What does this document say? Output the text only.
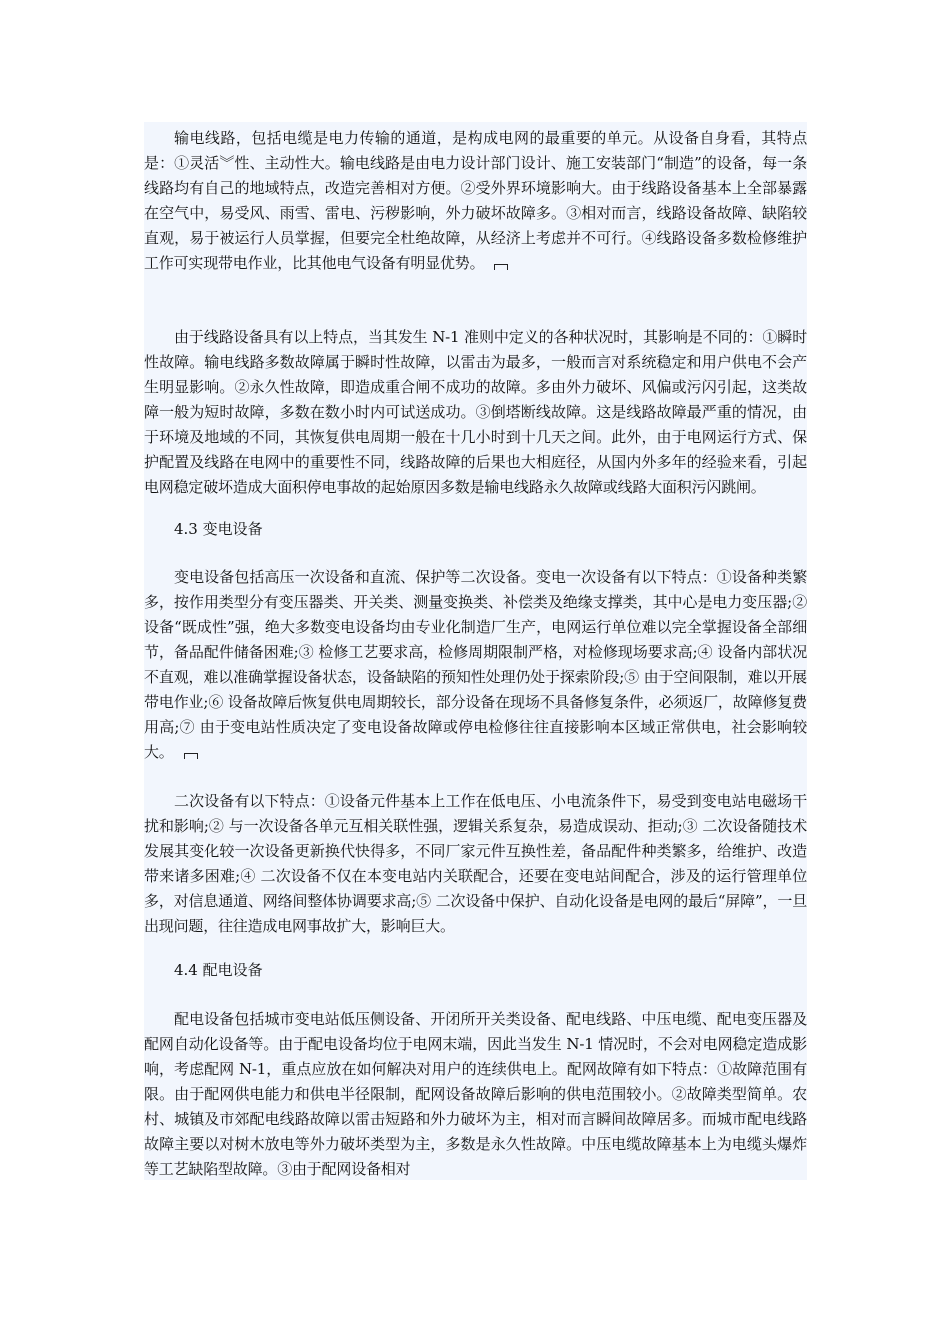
输电线路，包括电缆是电力传输的通道，是构成电网的最重要的单元。从设备自身看，其特点是：①灵活︾性、主动性大。输电线路是由电力设计部门设计、施工安装部门“制造”的设备，每一条线路均有自己的地域特点，改造完善相对方便。②受外界环境影响大。由于线路设备基本上全部暴露在空气中，易受风、雨雪、雷电、污秽影响，外力破坏故障多。③相对而言，线路设备故障、缺陷较直观，易于被运行人员掌握，但要完全杜绝故障，从经济上考虑并不可行。④线路设备多数检修维护工作可实现带电作业，比其他电气设备有明显优势。

由于线路设备具有以上特点，当其发生 N-1 准则中定义的各种状况时，其影响是不同的：①瞬时性故障。输电线路多数故障属于瞬时性故障，以雷击为最多，一般而言对系统稳定和用户供电不会产生明显影响。②永久性故障，即造成重合闸不成功的故障。多由外力破坏、风偏或污闪引起，这类故障一般为短时故障，多数在数小时内可试送成功。③倒塔断线故障。这是线路故障最严重的情况，由于环境及地域的不同，其恢复供电周期一般在十几小时到十几天之间。此外，由于电网运行方式、保护配置及线路在电网中的重要性不同，线路故障的后果也大相庭径，从国内外多年的经验来看，引起电网稳定破坏造成大面积停电事故的起始原因多数是输电线路永久故障或线路大面积污闪跳闸。

4.3 变电设备

变电设备包括高压一次设备和直流、保护等二次设备。变电一次设备有以下特点：①设备种类繁多，按作用类型分有变压器类、开关类、测量变换类、补偿类及绝缘支撑类，其中心是电力变压器;② 设备“既成性”强，绝大多数变电设备均由专业化制造厂生产，电网运行单位难以完全掌握设备全部细节，备品配件储备困难;③ 检修工艺要求高，检修周期限制严格，对检修现场要求高;④ 设备内部状况不直观，难以准确掌握设备状态，设备缺陷的预知性处理仍处于探索阶段;⑤ 由于空间限制，难以开展带电作业;⑥ 设备故障后恢复供电周期较长，部分设备在现场不具备修复条件，必须返厂，故障修复费用高;⑦ 由于变电站性质决定了变电设备故障或停电检修往往直接影响本区域正常供电，社会影响较大。

二次设备有以下特点：①设备元件基本上工作在低电压、小电流条件下，易受到变电站电磁场干扰和影响;② 与一次设备各单元互相关联性强，逻辑关系复杂，易造成误动、拒动;③ 二次设备随技术发展其变化较一次设备更新换代快得多，不同厂家元件互换性差，备品配件种类繁多，给维护、改造带来诸多困难;④ 二次设备不仅在本变电站内关联配合，还要在变电站间配合，涉及的运行管理单位多，对信息通道、网络间整体协调要求高;⑤ 二次设备中保护、自动化设备是电网的最后“屏障”，一旦出现问题，往往造成电网事故扩大，影响巨大。

4.4 配电设备

配电设备包括城市变电站低压侧设备、开闭所开关类设备、配电线路、中压电缆、配电变压器及配网自动化设备等。由于配电设备均位于电网末端，因此当发生 N-1 情况时，不会对电网稳定造成影响，考虑配网 N-1，重点应放在如何解决对用户的连续供电上。配网故障有如下特点：①故障范围有限。由于配网供电能力和供电半径限制，配网设备故障后影响的供电范围较小。②故障类型简单。农村、城镇及市郊配电线路故障以雷击短路和外力破坏为主，相对而言瞬间故障居多。而城市配电线路故障主要以对树木放电等外力破坏类型为主，多数是永久性故障。中压电缆故障基本上为电缆头爆炸等工艺缺陷型故障。③由于配网设备相对
